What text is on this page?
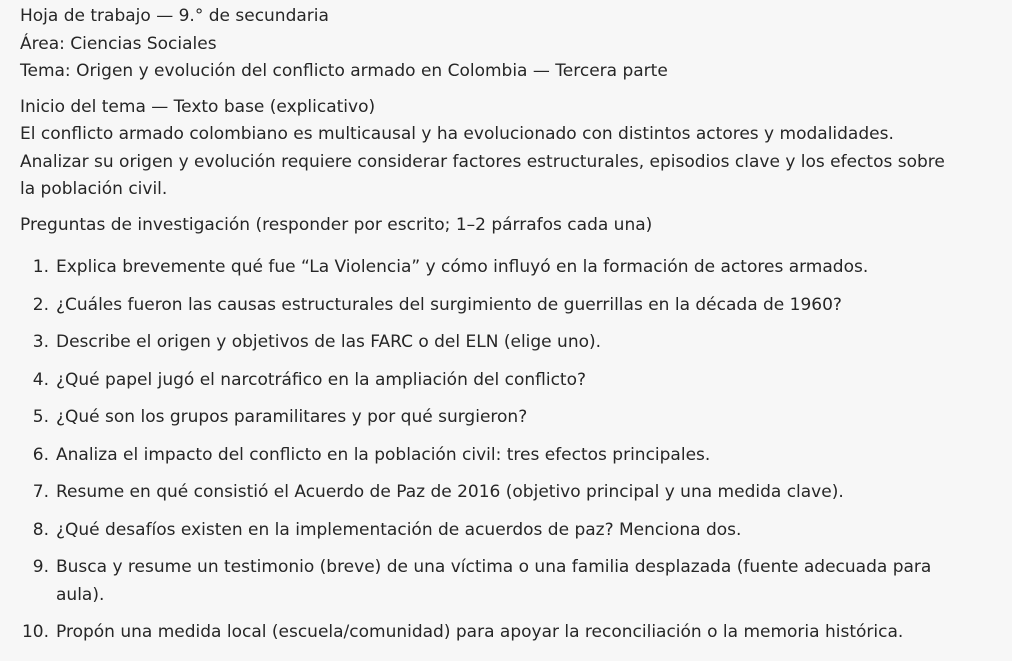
Hoja de trabajo — 9.° de secundaria

Área: Ciencias Sociales

Tema: Origen y evolución del conflicto armado en Colombia — Tercera parte

Inicio del tema — Texto base (explicativo)

El conflicto armado colombiano es multicausal y ha evolucionado con distintos actores y modalidades. Analizar su origen y evolución requiere considerar factores estructurales, episodios clave y los efectos sobre la población civil.

Preguntas de investigación (responder por escrito; 1–2 párrafos cada una)

1. Explica brevemente qué fue “La Violencia” y cómo influyó en la formación de actores armados.
2. ¿Cuáles fueron las causas estructurales del surgimiento de guerrillas en la década de 1960?
3. Describe el origen y objetivos de las FARC o del ELN (elige uno).
4. ¿Qué papel jugó el narcotráfico en la ampliación del conflicto?
5. ¿Qué son los grupos paramilitares y por qué surgieron?
6. Analiza el impacto del conflicto en la población civil: tres efectos principales.
7. Resume en qué consistió el Acuerdo de Paz de 2016 (objetivo principal y una medida clave).
8. ¿Qué desafíos existen en la implementación de acuerdos de paz? Menciona dos.
9. Busca y resume un testimonio (breve) de una víctima o una familia desplazada (fuente adecuada para aula).
10. Propón una medida local (escuela/comunidad) para apoyar la reconciliación o la memoria histórica.
